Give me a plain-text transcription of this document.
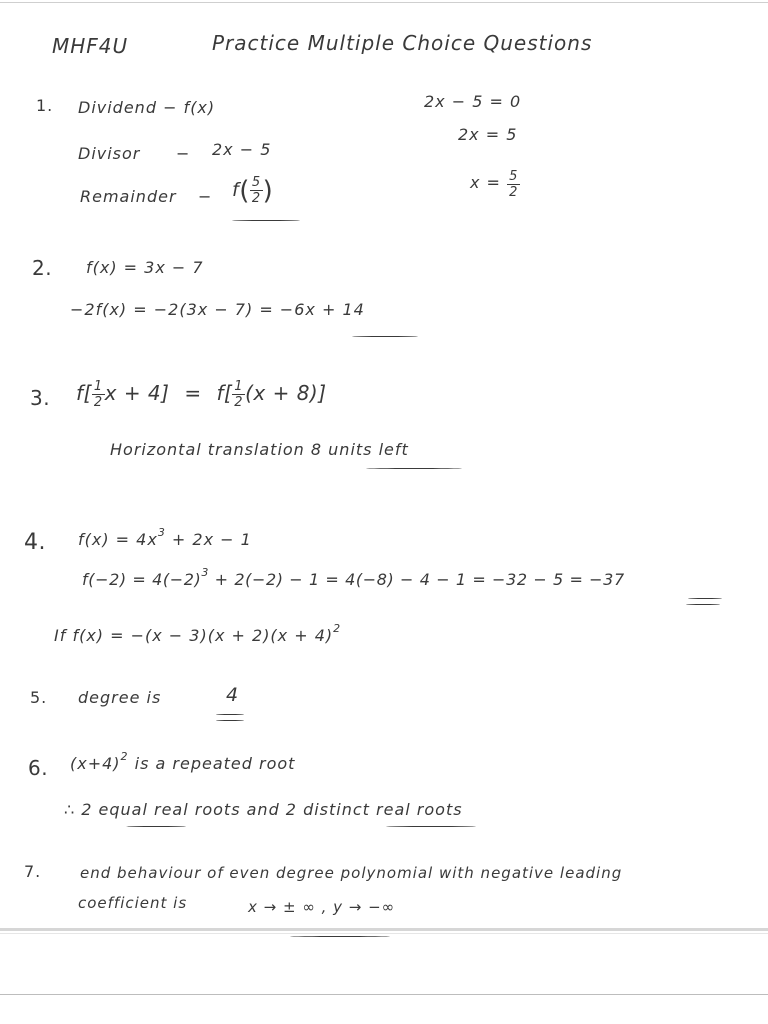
MHF4U	Practice Multiple Choice Questions
1. Dividend − f(x)
Divisor − 2x − 5
Remainder − $f( \frac{5}{2}$ )
2x − 5 = 0
2x = 5
$x = \frac{5}{2}$
2. f(x) = 3x − 7
−2f(x) = −2(3x − 7) = −6x + 14
3. $f[ \frac{1}{2}$ $x + 4] = f[ \frac{1}{2} (x + 8)]$
Horizontal translation 8 units left
4. $f(x) = 4x^3 + 2x - 1$
$f(-2) = 4(-2)^3 + 2(-2) - 1 = 4(-8) - 4 - 1 = -32 - 5 = -37$
If $f(x) = -(x - 3)(x + 2)(x + 4)^2$
5. degree is	4
6. $(x+4)^2$ is a repeated root
∴ 2 equal real roots and 2 distinct real roots
7.	end behaviour of even degree polynomial with negative leading
coefficient is	x → ± ∞ , y → −∞
